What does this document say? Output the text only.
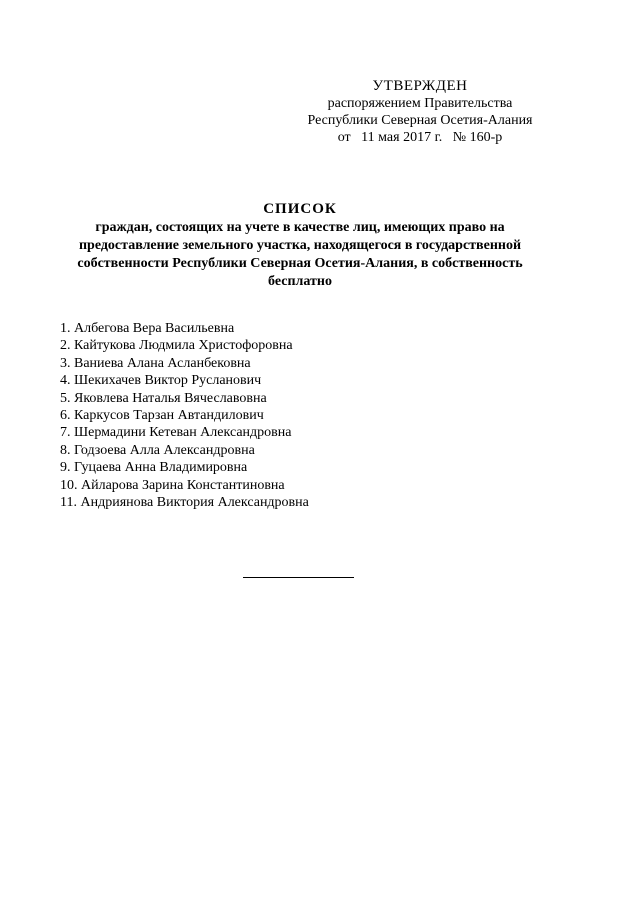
УТВЕРЖДЕН
распоряжением Правительства
Республики Северная Осетия-Алания
от 11 мая 2017 г. № 160-р
СПИСОК
граждан, состоящих на учете в качестве лиц, имеющих право на
предоставление земельного участка, находящегося в государственной
собственности Республики Северная Осетия-Алания, в собственность
бесплатно
1. Албегова Вера Васильевна
2. Кайтукова Людмила Христофоровна
3. Ваниева Алана Асланбековна
4. Шекихачев Виктор Русланович
5. Яковлева Наталья Вячеславовна
6. Каркусов Тарзан Автандилович
7. Шермадини Кетеван Александровна
8. Годзоева Алла Александровна
9. Гуцаева Анна Владимировна
10. Айларова Зарина Константиновна
11. Андриянова Виктория Александровна
